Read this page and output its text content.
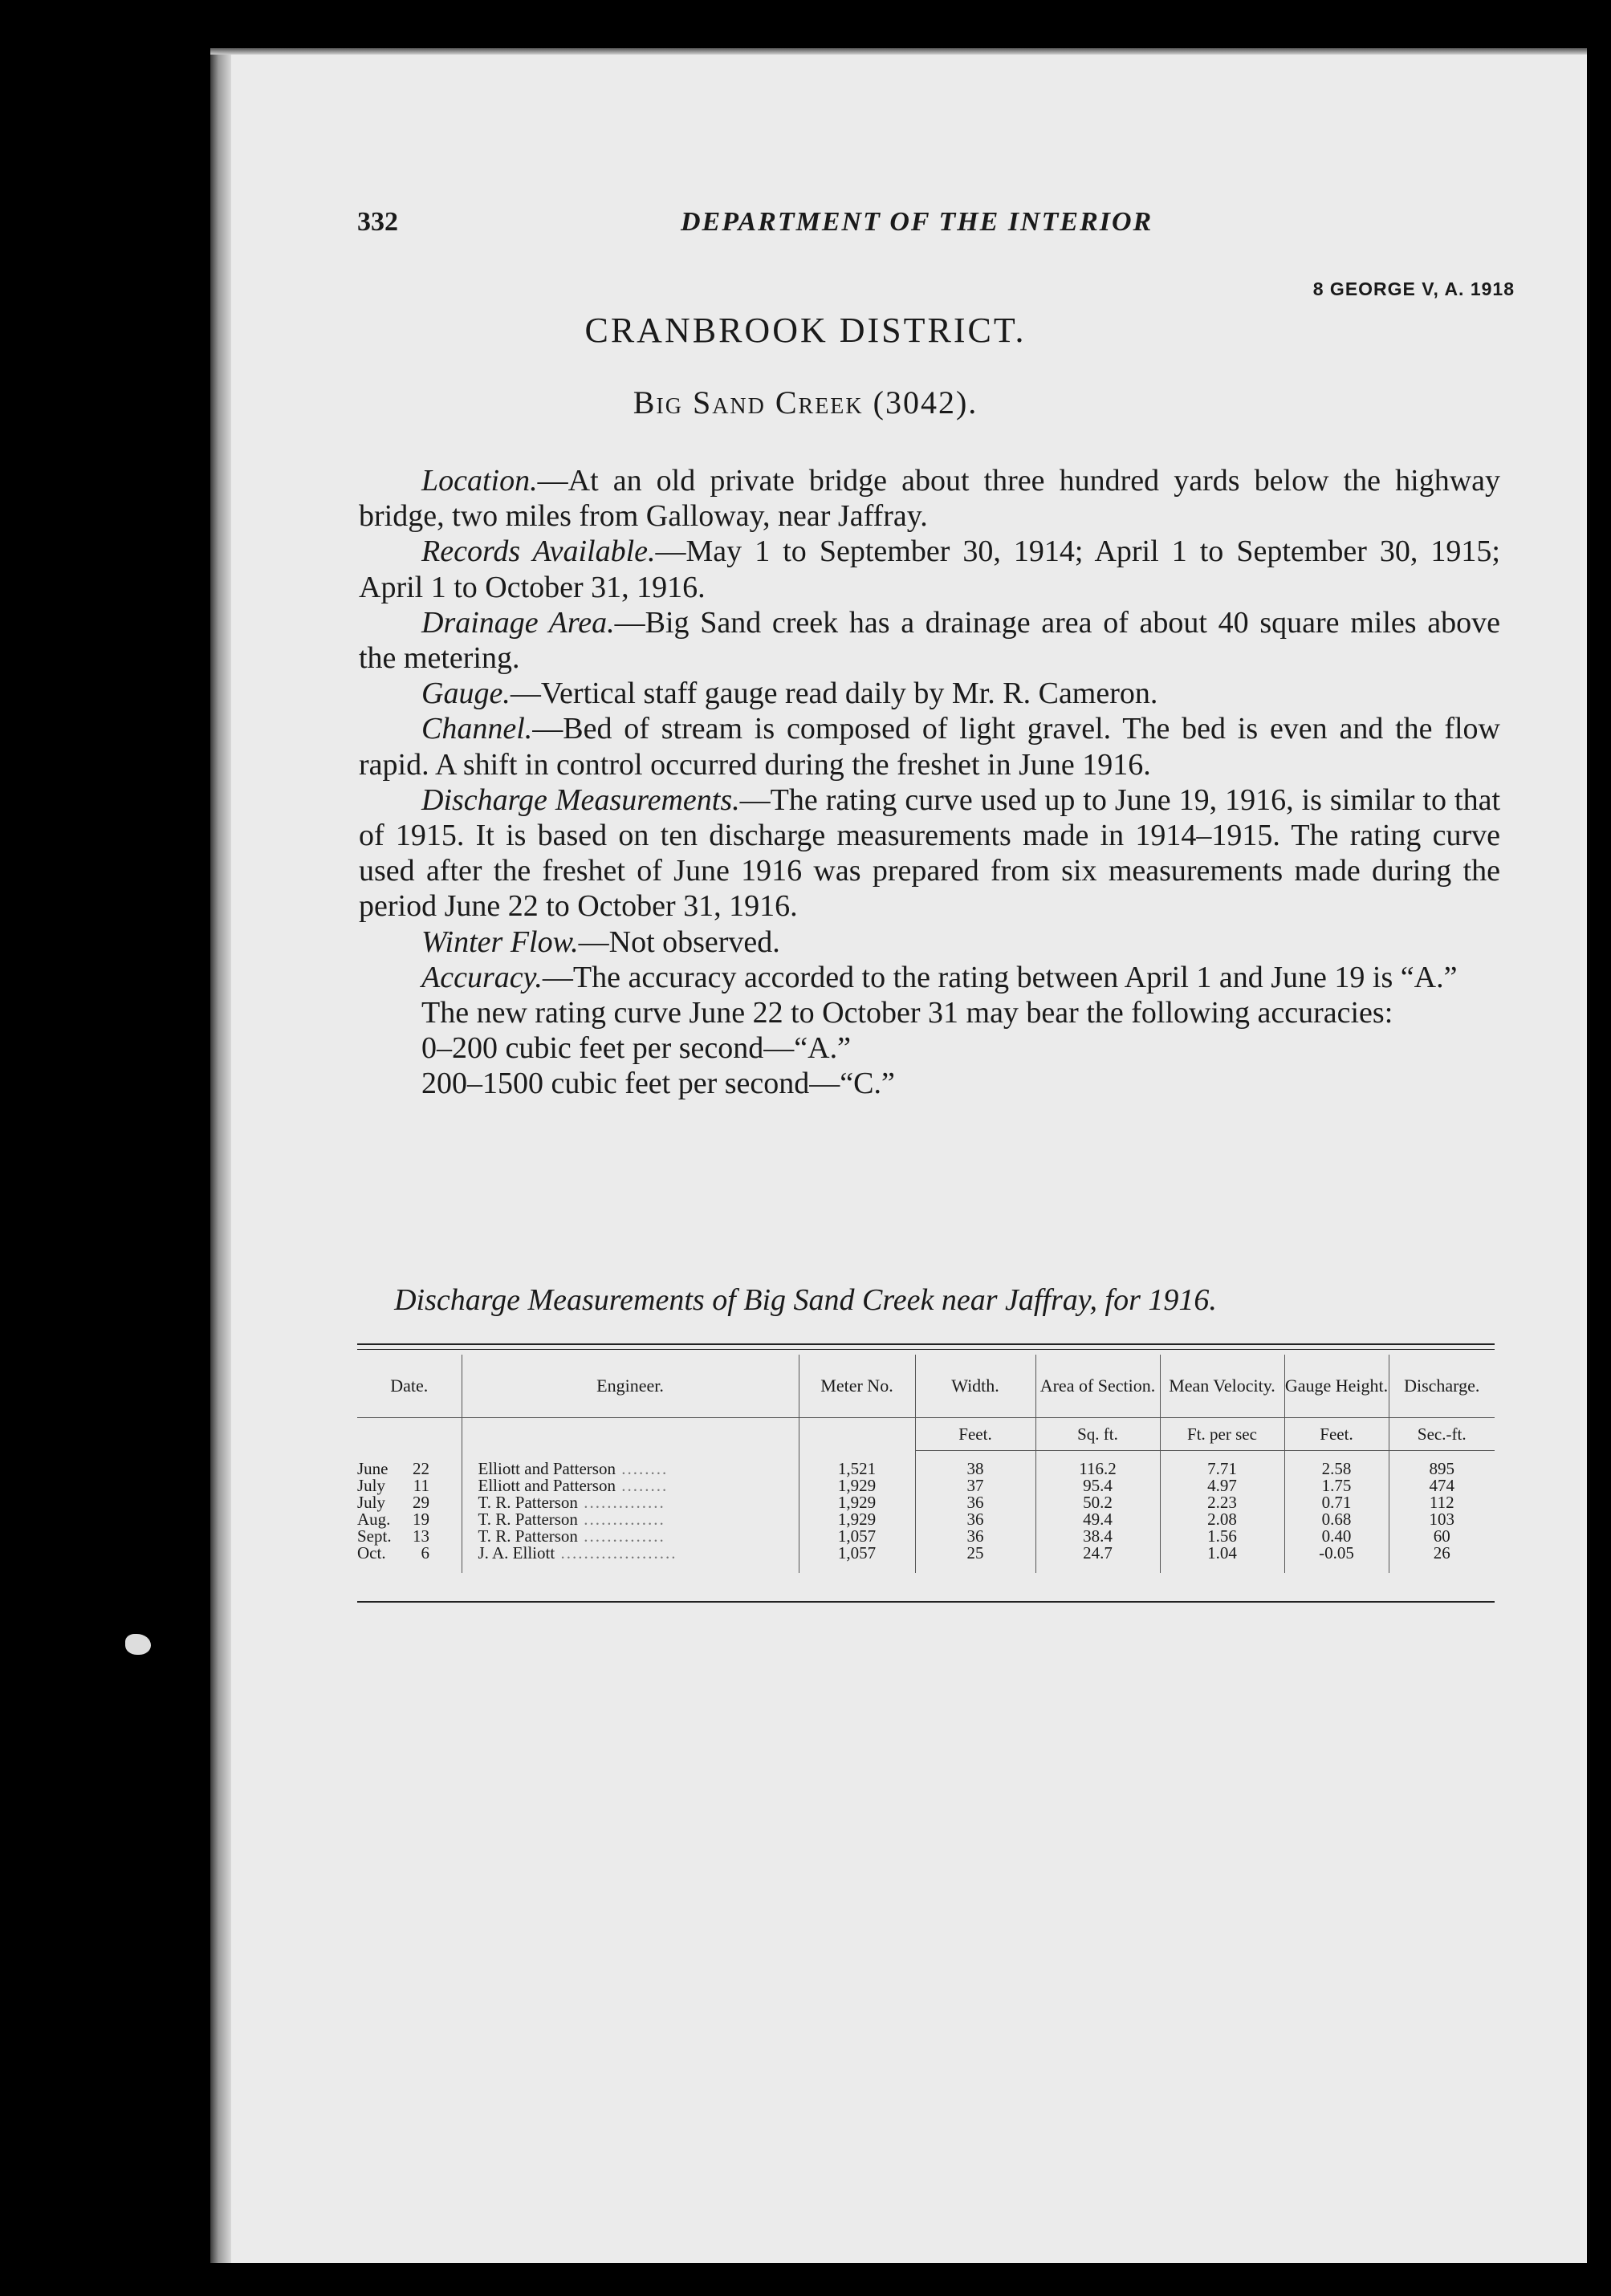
332	DEPARTMENT OF THE INTERIOR
8 GEORGE V, A. 1918
CRANBROOK DISTRICT.
Big Sand Creek (3042).

Location.—At an old private bridge about three hundred yards below the highway bridge, two miles from Galloway, near Jaffray.

Records Available.—May 1 to September 30, 1914; April 1 to September 30, 1915; April 1 to October 31, 1916.

Drainage Area.—Big Sand creek has a drainage area of about 40 square miles above the metering.

Gauge.—Vertical staff gauge read daily by Mr. R. Cameron.

Channel.—Bed of stream is composed of light gravel. The bed is even and the flow rapid. A shift in control occurred during the freshet in June 1916.

Discharge Measurements.—The rating curve used up to June 19, 1916, is similar to that of 1915. It is based on ten discharge measurements made in 1914–1915. The rating curve used after the freshet of June 1916 was prepared from six measurements made during the period June 22 to October 31, 1916.

Winter Flow.—Not observed.

Accuracy.—The accuracy accorded to the rating between April 1 and June 19 is “A.”

The new rating curve June 22 to October 31 may bear the following accuracies:

0–200 cubic feet per second—“A.”

200–1500 cubic feet per second—“C.”

Discharge Measurements of Big Sand Creek near Jaffray, for 1916.
Date.	Engineer.	Meter No.	Width.	Area of Section.	Mean Velocity.	Gauge Height.	Discharge.
			Feet.	Sq. ft.	Ft. per sec	Feet.	Sec.-ft.
June 22	Elliott and Patterson ........	1,521	38	116.2	7.71	2.58	895
July 11	Elliott and Patterson ........	1,929	37	95.4	4.97	1.75	474
July 29	T. R. Patterson ..............	1,929	36	50.2	2.23	0.71	112
Aug. 19	T. R. Patterson ..............	1,929	36	49.4	2.08	0.68	103
Sept. 13	T. R. Patterson ..............	1,057	36	38.4	1.56	0.40	60
Oct. 6	J. A. Elliott ....................	1,057	25	24.7	1.04	-0.05	26
